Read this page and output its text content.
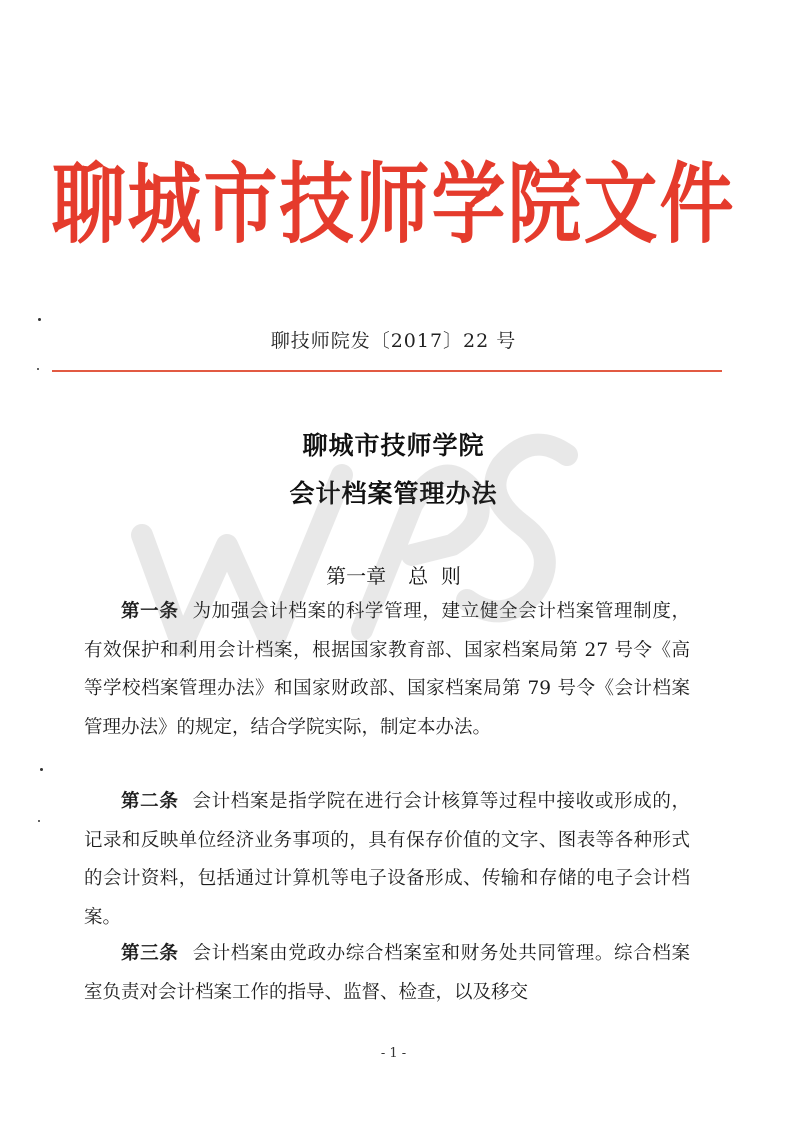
聊城市技师学院文件
聊技师院发〔2017〕22 号
聊城市技师学院
会计档案管理办法
第一章 总  则

第一条 为加强会计档案的科学管理，建立健全会计档案管理制度，有效保护和利用会计档案，根据国家教育部、国家档案局第 27 号令《高等学校档案管理办法》和国家财政部、国家档案局第 79 号令《会计档案管理办法》的规定，结合学院实际，制定本办法。

第二条 会计档案是指学院在进行会计核算等过程中接收或形成的，记录和反映单位经济业务事项的，具有保存价值的文字、图表等各种形式的会计资料，包括通过计算机等电子设备形成、传输和存储的电子会计档案。

第三条 会计档案由党政办综合档案室和财务处共同管理。综合档案室负责对会计档案工作的指导、监督、检查，以及移交

- 1 -
